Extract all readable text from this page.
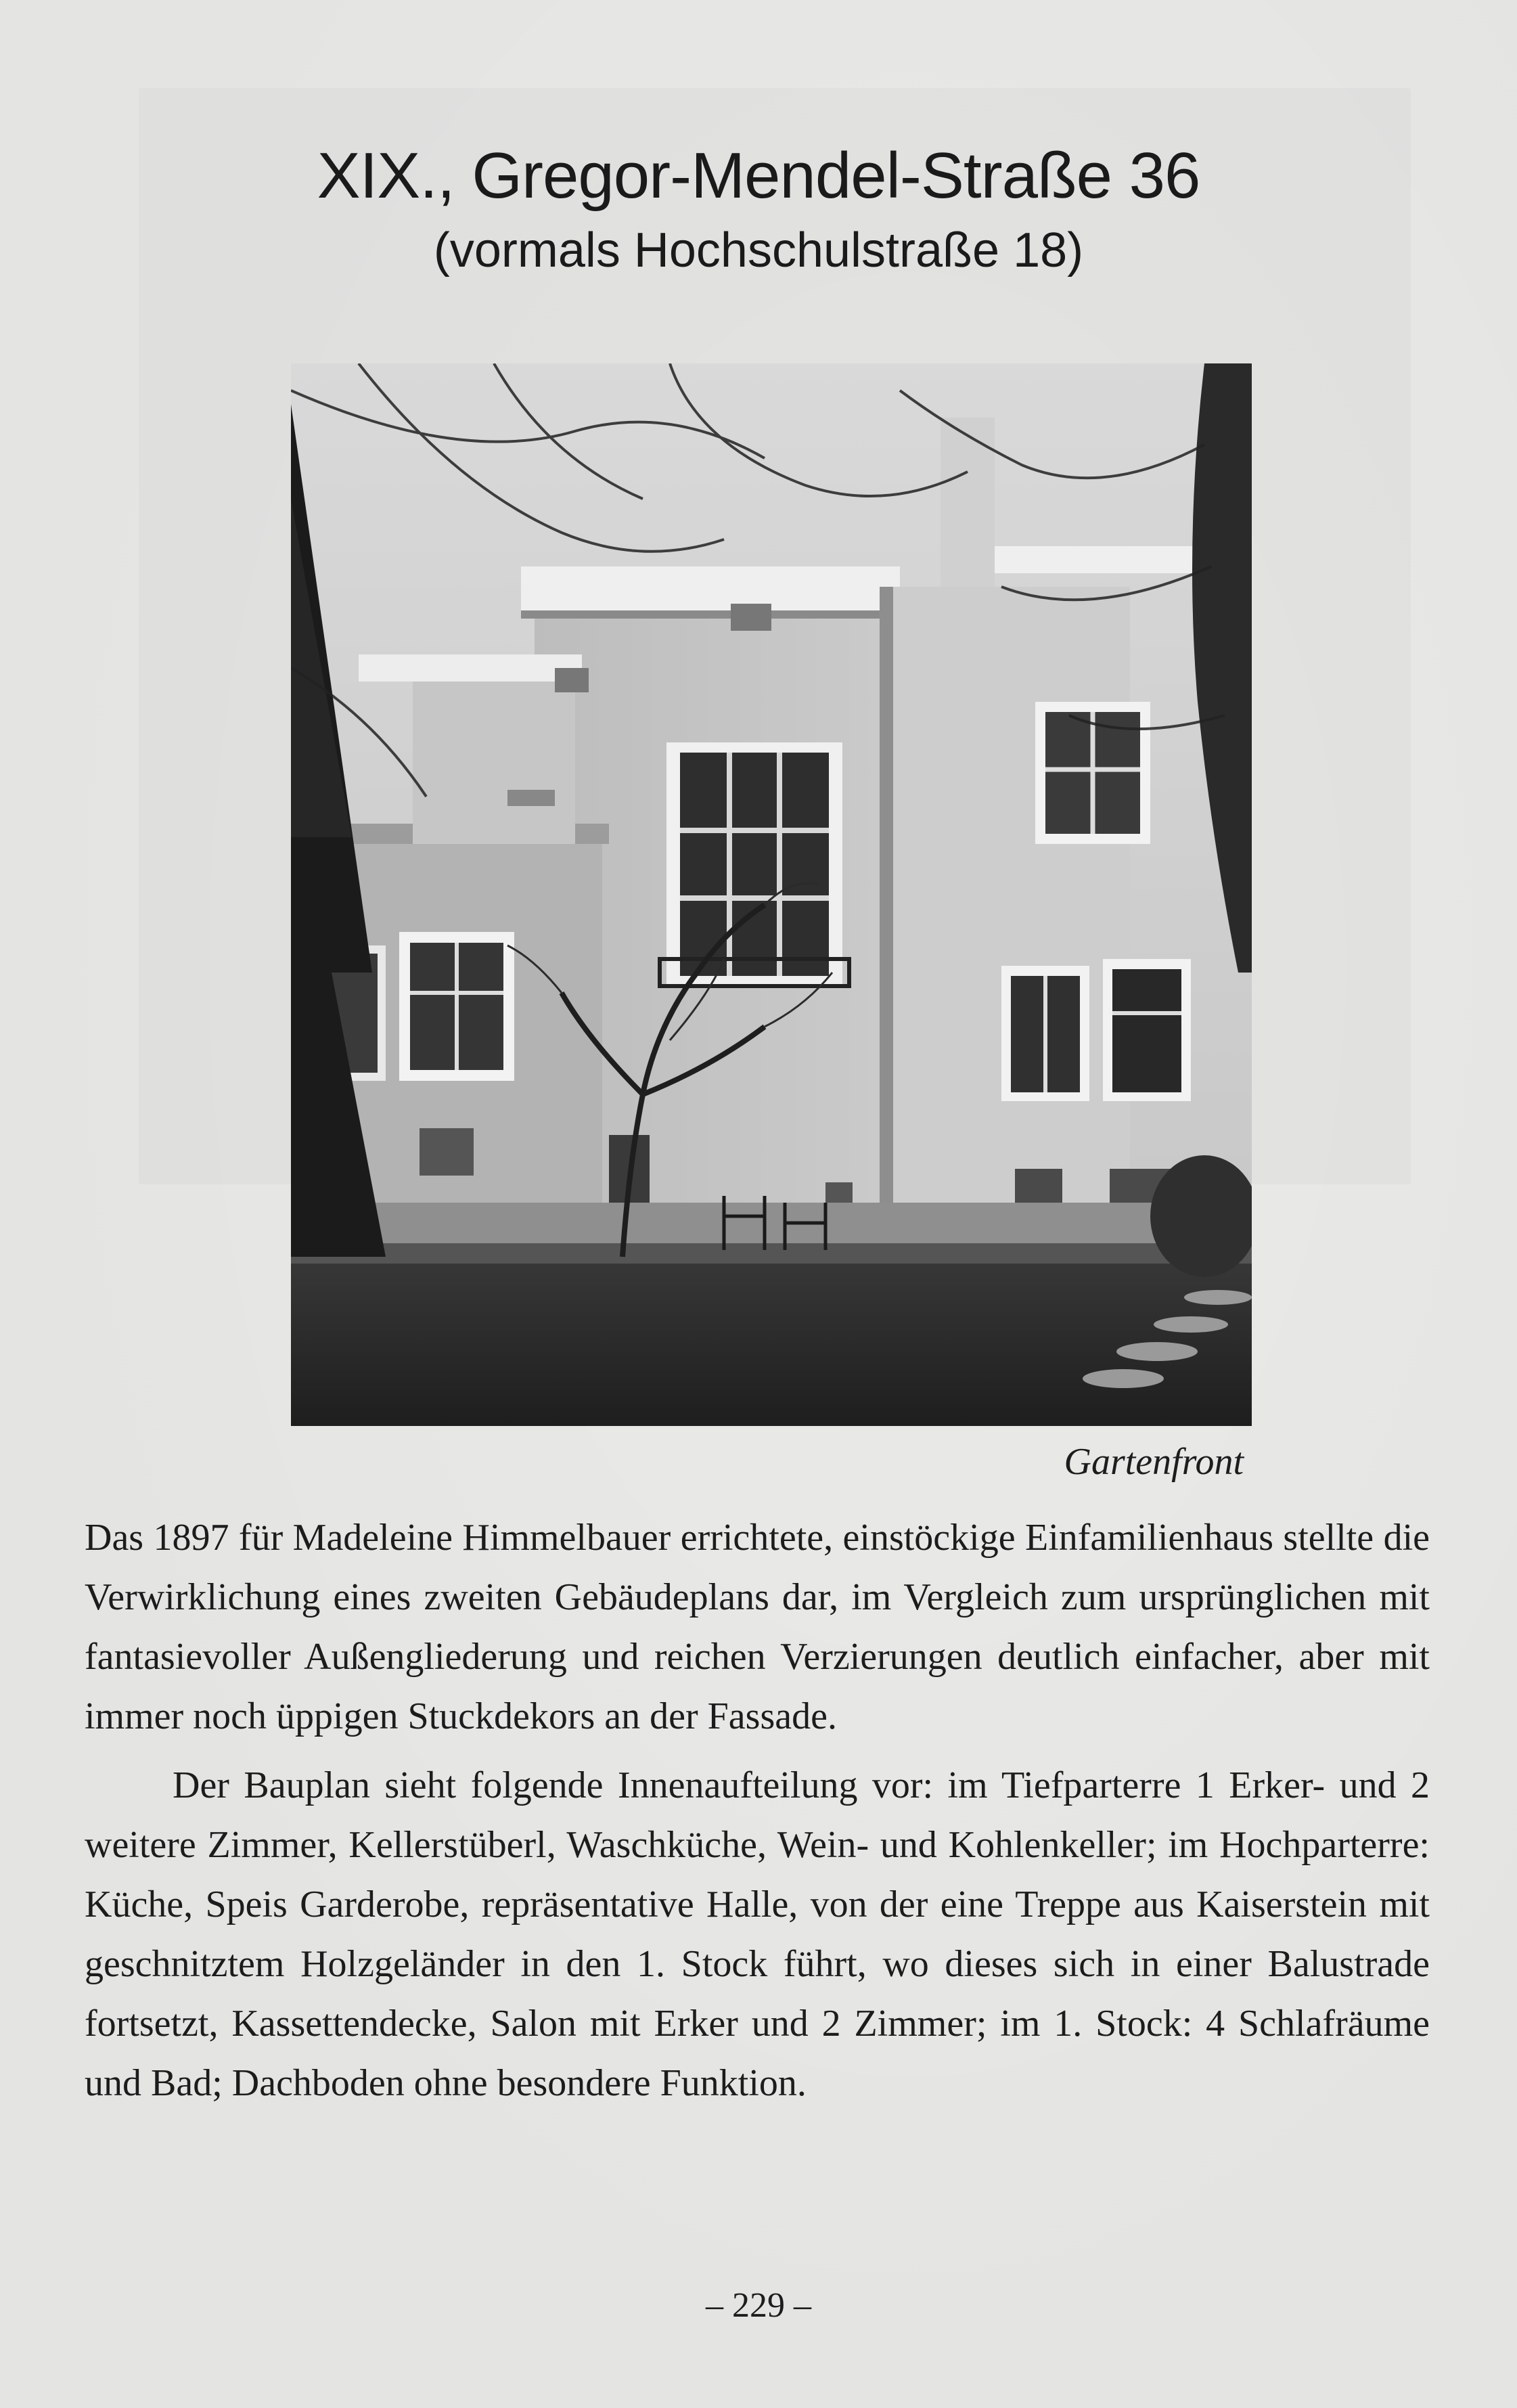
XIX., Gregor-Mendel-Straße 36
(vormals Hochschulstraße 18)
Gartenfront

Das 1897 für Madeleine Himmelbauer errichtete, einstöckige Einfamilienhaus stellte die Verwirklichung eines zweiten Gebäudeplans dar, im Vergleich zum ursprünglichen mit fantasievoller Außengliederung und reichen Verzierungen deutlich einfacher, aber mit immer noch üppigen Stuckdekors an der Fassade.

Der Bauplan sieht folgende Innenaufteilung vor: im Tiefparterre 1 Erker- und 2 weitere Zimmer, Kellerstüberl, Waschküche, Wein- und Kohlenkeller; im Hochparterre: Küche, Speis Garderobe, repräsentative Halle, von der eine Treppe aus Kaiserstein mit geschnitztem Holzgeländer in den 1. Stock führt, wo dieses sich in einer Balustrade fortsetzt, Kassettendecke, Salon mit Erker und 2 Zimmer; im 1. Stock: 4 Schlafräume und Bad; Dachboden ohne besondere Funktion.

– 229 –
